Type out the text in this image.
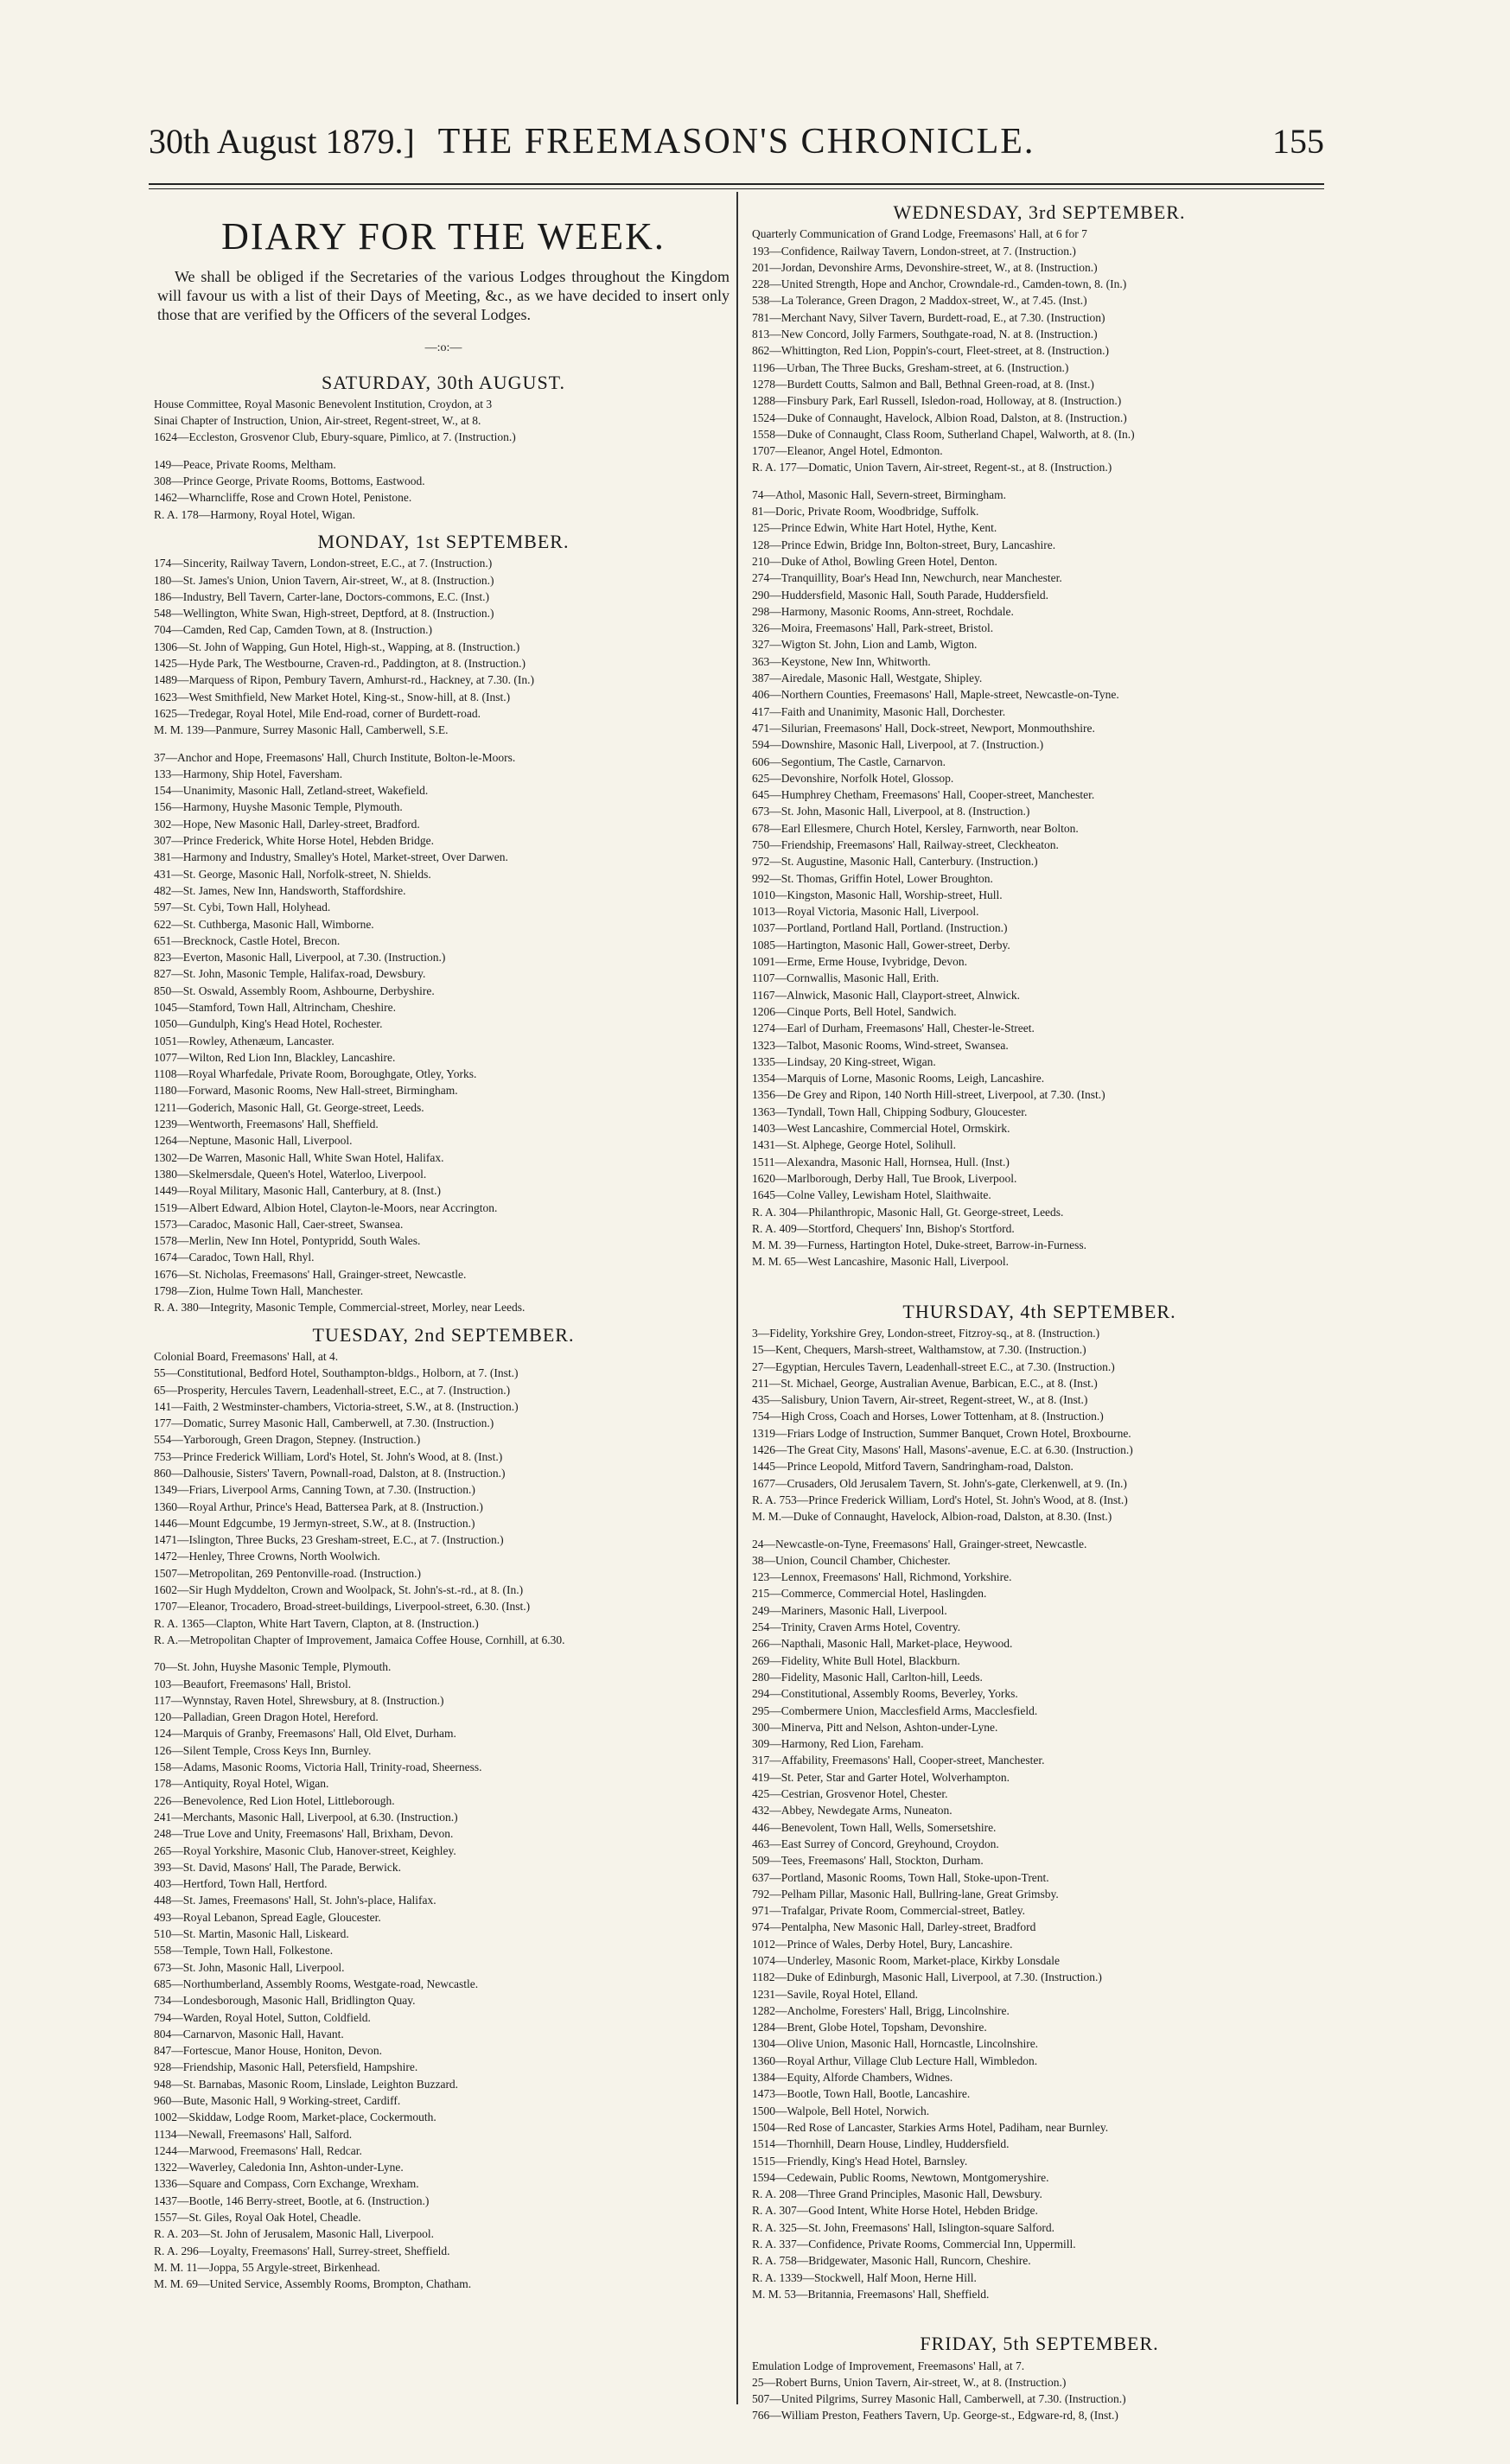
30th August 1879.] THE FREEMASON'S CHRONICLE.	155
DIARY FOR THE WEEK.
We shall be obliged if the Secretaries of the various Lodges throughout the Kingdom will favour us with a list of their Days of Meeting, &c., as we have decided to insert only those that are verified by the Officers of the several Lodges.
—:o:—
SATURDAY, 30th AUGUST.
House Committee, Royal Masonic Benevolent Institution, Croydon, at 3
Sinai Chapter of Instruction, Union, Air-street, Regent-street, W., at 8.
1624—Eccleston, Grosvenor Club, Ebury-square, Pimlico, at 7. (Instruction.)
149—Peace, Private Rooms, Meltham.
308—Prince George, Private Rooms, Bottoms, Eastwood.
1462—Wharncliffe, Rose and Crown Hotel, Penistone.
R. A. 178—Harmony, Royal Hotel, Wigan.
MONDAY, 1st SEPTEMBER.
174—Sincerity, Railway Tavern, London-street, E.C., at 7. (Instruction.)
180—St. James's Union, Union Tavern, Air-street, W., at 8. (Instruction.)
186—Industry, Bell Tavern, Carter-lane, Doctors-commons, E.C. (Inst.)
548—Wellington, White Swan, High-street, Deptford, at 8. (Instruction.)
704—Camden, Red Cap, Camden Town, at 8. (Instruction.)
1306—St. John of Wapping, Gun Hotel, High-st., Wapping, at 8. (Instruction.)
1425—Hyde Park, The Westbourne, Craven-rd., Paddington, at 8. (Instruction.)
1489—Marquess of Ripon, Pembury Tavern, Amhurst-rd., Hackney, at 7.30. (In.)
1623—West Smithfield, New Market Hotel, King-st., Snow-hill, at 8. (Inst.)
1625—Tredegar, Royal Hotel, Mile End-road, corner of Burdett-road.
M. M. 139—Panmure, Surrey Masonic Hall, Camberwell, S.E.
37—Anchor and Hope, Freemasons' Hall, Church Institute, Bolton-le-Moors.
133—Harmony, Ship Hotel, Faversham.
154—Unanimity, Masonic Hall, Zetland-street, Wakefield.
156—Harmony, Huyshe Masonic Temple, Plymouth.
302—Hope, New Masonic Hall, Darley-street, Bradford.
307—Prince Frederick, White Horse Hotel, Hebden Bridge.
381—Harmony and Industry, Smalley's Hotel, Market-street, Over Darwen.
431—St. George, Masonic Hall, Norfolk-street, N. Shields.
482—St. James, New Inn, Handsworth, Staffordshire.
597—St. Cybi, Town Hall, Holyhead.
622—St. Cuthberga, Masonic Hall, Wimborne.
651—Brecknock, Castle Hotel, Brecon.
823—Everton, Masonic Hall, Liverpool, at 7.30. (Instruction.)
827—St. John, Masonic Temple, Halifax-road, Dewsbury.
850—St. Oswald, Assembly Room, Ashbourne, Derbyshire.
1045—Stamford, Town Hall, Altrincham, Cheshire.
1050—Gundulph, King's Head Hotel, Rochester.
1051—Rowley, Athenæum, Lancaster.
1077—Wilton, Red Lion Inn, Blackley, Lancashire.
1108—Royal Wharfedale, Private Room, Boroughgate, Otley, Yorks.
1180—Forward, Masonic Rooms, New Hall-street, Birmingham.
1211—Goderich, Masonic Hall, Gt. George-street, Leeds.
1239—Wentworth, Freemasons' Hall, Sheffield.
1264—Neptune, Masonic Hall, Liverpool.
1302—De Warren, Masonic Hall, White Swan Hotel, Halifax.
1380—Skelmersdale, Queen's Hotel, Waterloo, Liverpool.
1449—Royal Military, Masonic Hall, Canterbury, at 8. (Inst.)
1519—Albert Edward, Albion Hotel, Clayton-le-Moors, near Accrington.
1573—Caradoc, Masonic Hall, Caer-street, Swansea.
1578—Merlin, New Inn Hotel, Pontypridd, South Wales.
1674—Caradoc, Town Hall, Rhyl.
1676—St. Nicholas, Freemasons' Hall, Grainger-street, Newcastle.
1798—Zion, Hulme Town Hall, Manchester.
R. A. 380—Integrity, Masonic Temple, Commercial-street, Morley, near Leeds.
TUESDAY, 2nd SEPTEMBER.
Colonial Board, Freemasons' Hall, at 4.
55—Constitutional, Bedford Hotel, Southampton-bldgs., Holborn, at 7. (Inst.)
65—Prosperity, Hercules Tavern, Leadenhall-street, E.C., at 7. (Instruction.)
141—Faith, 2 Westminster-chambers, Victoria-street, S.W., at 8. (Instruction.)
177—Domatic, Surrey Masonic Hall, Camberwell, at 7.30. (Instruction.)
554—Yarborough, Green Dragon, Stepney. (Instruction.)
753—Prince Frederick William, Lord's Hotel, St. John's Wood, at 8. (Inst.)
860—Dalhousie, Sisters' Tavern, Pownall-road, Dalston, at 8. (Instruction.)
1349—Friars, Liverpool Arms, Canning Town, at 7.30. (Instruction.)
1360—Royal Arthur, Prince's Head, Battersea Park, at 8. (Instruction.)
1446—Mount Edgcumbe, 19 Jermyn-street, S.W., at 8. (Instruction.)
1471—Islington, Three Bucks, 23 Gresham-street, E.C., at 7. (Instruction.)
1472—Henley, Three Crowns, North Woolwich.
1507—Metropolitan, 269 Pentonville-road. (Instruction.)
1602—Sir Hugh Myddelton, Crown and Woolpack, St. John's-st.-rd., at 8. (In.)
1707—Eleanor, Trocadero, Broad-street-buildings, Liverpool-street, 6.30. (Inst.)
R. A. 1365—Clapton, White Hart Tavern, Clapton, at 8. (Instruction.)
R. A.—Metropolitan Chapter of Improvement, Jamaica Coffee House, Cornhill, at 6.30.
70—St. John, Huyshe Masonic Temple, Plymouth.
103—Beaufort, Freemasons' Hall, Bristol.
117—Wynnstay, Raven Hotel, Shrewsbury, at 8. (Instruction.)
120—Palladian, Green Dragon Hotel, Hereford.
124—Marquis of Granby, Freemasons' Hall, Old Elvet, Durham.
126—Silent Temple, Cross Keys Inn, Burnley.
158—Adams, Masonic Rooms, Victoria Hall, Trinity-road, Sheerness.
178—Antiquity, Royal Hotel, Wigan.
226—Benevolence, Red Lion Hotel, Littleborough.
241—Merchants, Masonic Hall, Liverpool, at 6.30. (Instruction.)
248—True Love and Unity, Freemasons' Hall, Brixham, Devon.
265—Royal Yorkshire, Masonic Club, Hanover-street, Keighley.
393—St. David, Masons' Hall, The Parade, Berwick.
403—Hertford, Town Hall, Hertford.
448—St. James, Freemasons' Hall, St. John's-place, Halifax.
493—Royal Lebanon, Spread Eagle, Gloucester.
510—St. Martin, Masonic Hall, Liskeard.
558—Temple, Town Hall, Folkestone.
673—St. John, Masonic Hall, Liverpool.
685—Northumberland, Assembly Rooms, Westgate-road, Newcastle.
734—Londesborough, Masonic Hall, Bridlington Quay.
794—Warden, Royal Hotel, Sutton, Coldfield.
804—Carnarvon, Masonic Hall, Havant.
847—Fortescue, Manor House, Honiton, Devon.
928—Friendship, Masonic Hall, Petersfield, Hampshire.
948—St. Barnabas, Masonic Room, Linslade, Leighton Buzzard.
960—Bute, Masonic Hall, 9 Working-street, Cardiff.
1002—Skiddaw, Lodge Room, Market-place, Cockermouth.
1134—Newall, Freemasons' Hall, Salford.
1244—Marwood, Freemasons' Hall, Redcar.
1322—Waverley, Caledonia Inn, Ashton-under-Lyne.
1336—Square and Compass, Corn Exchange, Wrexham.
1437—Bootle, 146 Berry-street, Bootle, at 6. (Instruction.)
1557—St. Giles, Royal Oak Hotel, Cheadle.
R. A. 203—St. John of Jerusalem, Masonic Hall, Liverpool.
R. A. 296—Loyalty, Freemasons' Hall, Surrey-street, Sheffield.
M. M. 11—Joppa, 55 Argyle-street, Birkenhead.
M. M. 69—United Service, Assembly Rooms, Brompton, Chatham.
WEDNESDAY, 3rd SEPTEMBER.
Quarterly Communication of Grand Lodge, Freemasons' Hall, at 6 for 7
193—Confidence, Railway Tavern, London-street, at 7. (Instruction.)
201—Jordan, Devonshire Arms, Devonshire-street, W., at 8. (Instruction.)
228—United Strength, Hope and Anchor, Crowndale-rd., Camden-town, 8. (In.)
538—La Tolerance, Green Dragon, 2 Maddox-street, W., at 7.45. (Inst.)
781—Merchant Navy, Silver Tavern, Burdett-road, E., at 7.30. (Instruction)
813—New Concord, Jolly Farmers, Southgate-road, N. at 8. (Instruction.)
862—Whittington, Red Lion, Poppin's-court, Fleet-street, at 8. (Instruction.)
1196—Urban, The Three Bucks, Gresham-street, at 6. (Instruction.)
1278—Burdett Coutts, Salmon and Ball, Bethnal Green-road, at 8. (Inst.)
1288—Finsbury Park, Earl Russell, Isledon-road, Holloway, at 8. (Instruction.)
1524—Duke of Connaught, Havelock, Albion Road, Dalston, at 8. (Instruction.)
1558—Duke of Connaught, Class Room, Sutherland Chapel, Walworth, at 8. (In.)
1707—Eleanor, Angel Hotel, Edmonton.
R. A. 177—Domatic, Union Tavern, Air-street, Regent-st., at 8. (Instruction.)
74—Athol, Masonic Hall, Severn-street, Birmingham.
81—Doric, Private Room, Woodbridge, Suffolk.
125—Prince Edwin, White Hart Hotel, Hythe, Kent.
128—Prince Edwin, Bridge Inn, Bolton-street, Bury, Lancashire.
210—Duke of Athol, Bowling Green Hotel, Denton.
274—Tranquillity, Boar's Head Inn, Newchurch, near Manchester.
290—Huddersfield, Masonic Hall, South Parade, Huddersfield.
298—Harmony, Masonic Rooms, Ann-street, Rochdale.
326—Moira, Freemasons' Hall, Park-street, Bristol.
327—Wigton St. John, Lion and Lamb, Wigton.
363—Keystone, New Inn, Whitworth.
387—Airedale, Masonic Hall, Westgate, Shipley.
406—Northern Counties, Freemasons' Hall, Maple-street, Newcastle-on-Tyne.
417—Faith and Unanimity, Masonic Hall, Dorchester.
471—Silurian, Freemasons' Hall, Dock-street, Newport, Monmouthshire.
594—Downshire, Masonic Hall, Liverpool, at 7. (Instruction.)
606—Segontium, The Castle, Carnarvon.
625—Devonshire, Norfolk Hotel, Glossop.
645—Humphrey Chetham, Freemasons' Hall, Cooper-street, Manchester.
673—St. John, Masonic Hall, Liverpool, at 8. (Instruction.)
678—Earl Ellesmere, Church Hotel, Kersley, Farnworth, near Bolton.
750—Friendship, Freemasons' Hall, Railway-street, Cleckheaton.
972—St. Augustine, Masonic Hall, Canterbury. (Instruction.)
992—St. Thomas, Griffin Hotel, Lower Broughton.
1010—Kingston, Masonic Hall, Worship-street, Hull.
1013—Royal Victoria, Masonic Hall, Liverpool.
1037—Portland, Portland Hall, Portland. (Instruction.)
1085—Hartington, Masonic Hall, Gower-street, Derby.
1091—Erme, Erme House, Ivybridge, Devon.
1107—Cornwallis, Masonic Hall, Erith.
1167—Alnwick, Masonic Hall, Clayport-street, Alnwick.
1206—Cinque Ports, Bell Hotel, Sandwich.
1274—Earl of Durham, Freemasons' Hall, Chester-le-Street.
1323—Talbot, Masonic Rooms, Wind-street, Swansea.
1335—Lindsay, 20 King-street, Wigan.
1354—Marquis of Lorne, Masonic Rooms, Leigh, Lancashire.
1356—De Grey and Ripon, 140 North Hill-street, Liverpool, at 7.30. (Inst.)
1363—Tyndall, Town Hall, Chipping Sodbury, Gloucester.
1403—West Lancashire, Commercial Hotel, Ormskirk.
1431—St. Alphege, George Hotel, Solihull.
1511—Alexandra, Masonic Hall, Hornsea, Hull. (Inst.)
1620—Marlborough, Derby Hall, Tue Brook, Liverpool.
1645—Colne Valley, Lewisham Hotel, Slaithwaite.
R. A. 304—Philanthropic, Masonic Hall, Gt. George-street, Leeds.
R. A. 409—Stortford, Chequers' Inn, Bishop's Stortford.
M. M. 39—Furness, Hartington Hotel, Duke-street, Barrow-in-Furness.
M. M. 65—West Lancashire, Masonic Hall, Liverpool.
THURSDAY, 4th SEPTEMBER.
3—Fidelity, Yorkshire Grey, London-street, Fitzroy-sq., at 8. (Instruction.)
15—Kent, Chequers, Marsh-street, Walthamstow, at 7.30. (Instruction.)
27—Egyptian, Hercules Tavern, Leadenhall-street E.C., at 7.30. (Instruction.)
211—St. Michael, George, Australian Avenue, Barbican, E.C., at 8. (Inst.)
435—Salisbury, Union Tavern, Air-street, Regent-street, W., at 8. (Inst.)
754—High Cross, Coach and Horses, Lower Tottenham, at 8. (Instruction.)
1319—Friars Lodge of Instruction, Summer Banquet, Crown Hotel, Broxbourne.
1426—The Great City, Masons' Hall, Masons'-avenue, E.C. at 6.30. (Instruction.)
1445—Prince Leopold, Mitford Tavern, Sandringham-road, Dalston.
1677—Crusaders, Old Jerusalem Tavern, St. John's-gate, Clerkenwell, at 9. (In.)
R. A. 753—Prince Frederick William, Lord's Hotel, St. John's Wood, at 8. (Inst.)
M. M.—Duke of Connaught, Havelock, Albion-road, Dalston, at 8.30. (Inst.)
24—Newcastle-on-Tyne, Freemasons' Hall, Grainger-street, Newcastle.
38—Union, Council Chamber, Chichester.
123—Lennox, Freemasons' Hall, Richmond, Yorkshire.
215—Commerce, Commercial Hotel, Haslingden.
249—Mariners, Masonic Hall, Liverpool.
254—Trinity, Craven Arms Hotel, Coventry.
266—Napthali, Masonic Hall, Market-place, Heywood.
269—Fidelity, White Bull Hotel, Blackburn.
280—Fidelity, Masonic Hall, Carlton-hill, Leeds.
294—Constitutional, Assembly Rooms, Beverley, Yorks.
295—Combermere Union, Macclesfield Arms, Macclesfield.
300—Minerva, Pitt and Nelson, Ashton-under-Lyne.
309—Harmony, Red Lion, Fareham.
317—Affability, Freemasons' Hall, Cooper-street, Manchester.
419—St. Peter, Star and Garter Hotel, Wolverhampton.
425—Cestrian, Grosvenor Hotel, Chester.
432—Abbey, Newdegate Arms, Nuneaton.
446—Benevolent, Town Hall, Wells, Somersetshire.
463—East Surrey of Concord, Greyhound, Croydon.
509—Tees, Freemasons' Hall, Stockton, Durham.
637—Portland, Masonic Rooms, Town Hall, Stoke-upon-Trent.
792—Pelham Pillar, Masonic Hall, Bullring-lane, Great Grimsby.
971—Trafalgar, Private Room, Commercial-street, Batley.
974—Pentalpha, New Masonic Hall, Darley-street, Bradford
1012—Prince of Wales, Derby Hotel, Bury, Lancashire.
1074—Underley, Masonic Room, Market-place, Kirkby Lonsdale
1182—Duke of Edinburgh, Masonic Hall, Liverpool, at 7.30. (Instruction.)
1231—Savile, Royal Hotel, Elland.
1282—Ancholme, Foresters' Hall, Brigg, Lincolnshire.
1284—Brent, Globe Hotel, Topsham, Devonshire.
1304—Olive Union, Masonic Hall, Horncastle, Lincolnshire.
1360—Royal Arthur, Village Club Lecture Hall, Wimbledon.
1384—Equity, Alforde Chambers, Widnes.
1473—Bootle, Town Hall, Bootle, Lancashire.
1500—Walpole, Bell Hotel, Norwich.
1504—Red Rose of Lancaster, Starkies Arms Hotel, Padiham, near Burnley.
1514—Thornhill, Dearn House, Lindley, Huddersfield.
1515—Friendly, King's Head Hotel, Barnsley.
1594—Cedewain, Public Rooms, Newtown, Montgomeryshire.
R. A. 208—Three Grand Principles, Masonic Hall, Dewsbury.
R. A. 307—Good Intent, White Horse Hotel, Hebden Bridge.
R. A. 325—St. John, Freemasons' Hall, Islington-square Salford.
R. A. 337—Confidence, Private Rooms, Commercial Inn, Uppermill.
R. A. 758—Bridgewater, Masonic Hall, Runcorn, Cheshire.
R. A. 1339—Stockwell, Half Moon, Herne Hill.
M. M. 53—Britannia, Freemasons' Hall, Sheffield.
FRIDAY, 5th SEPTEMBER.
Emulation Lodge of Improvement, Freemasons' Hall, at 7.
25—Robert Burns, Union Tavern, Air-street, W., at 8. (Instruction.)
507—United Pilgrims, Surrey Masonic Hall, Camberwell, at 7.30. (Instruction.)
766—William Preston, Feathers Tavern, Up. George-st., Edgware-rd, 8, (Inst.)
